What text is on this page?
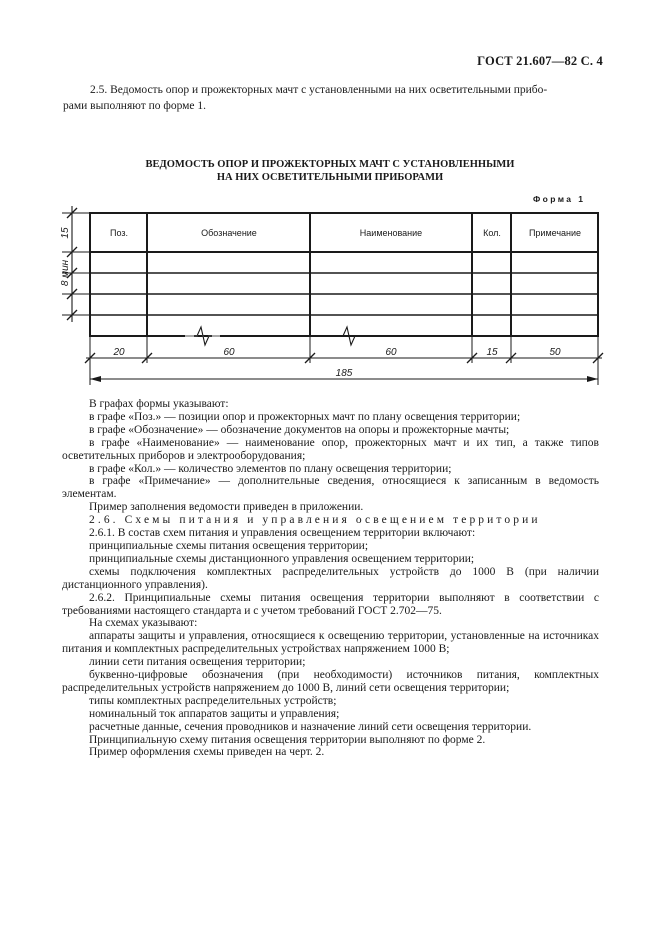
ГОСТ 21.607—82 С. 4
2.5. Ведомость опор и прожекторных мачт с установленными на них осветительными прибо-
рами выполняют по форме 1.
ВЕДОМОСТЬ ОПОР И ПРОЖЕКТОРНЫХ МАЧТ С УСТАНОВЛЕННЫМИ
НА НИХ ОСВЕТИТЕЛЬНЫМИ ПРИБОРАМИ
Форма 1
Поз.	Обозначение	Наименование	Кол.	Примечание
20	60	60	15	50
185
15
8 мин

В графах формы указывают:

в графе «Поз.» — позиции опор и прожекторных мачт по плану освещения территории;

в графе «Обозначение» — обозначение документов на опоры и прожекторные мачты;

в графе «Наименование» — наименование опор, прожекторных мачт и их тип, а также типов осветительных приборов и электрооборудования;

в графе «Кол.» — количество элементов по плану освещения территории;

в графе «Примечание» — дополнительные сведения, относящиеся к записанным в ведомость элементам.

Пример заполнения ведомости приведен в приложении.

2.6. Схемы питания и управления освещением территории

2.6.1. В состав схем питания и управления освещением территории включают:

принципиальные схемы питания освещения территории;

принципиальные схемы дистанционного управления освещением территории;

схемы подключения комплектных распределительных устройств до 1000 В (при наличии дистанционного управления).

2.6.2. Принципиальные схемы питания освещения территории выполняют в соответствии с требованиями настоящего стандарта и с учетом требований ГОСТ 2.702—75.

На схемах указывают:

аппараты защиты и управления, относящиеся к освещению территории, установленные на источниках питания и комплектных распределительных устройствах напряжением 1000 В;

линии сети питания освещения территории;

буквенно-цифровые обозначения (при необходимости) источников питания, комплектных распределительных устройств напряжением до 1000 В, линий сети освещения территории;

типы комплектных распределительных устройств;

номинальный ток аппаратов защиты и управления;

расчетные данные, сечения проводников и назначение линий сети освещения территории.

Принципиальную схему питания освещения территории выполняют по форме 2.

Пример оформления схемы приведен на черт. 2.
